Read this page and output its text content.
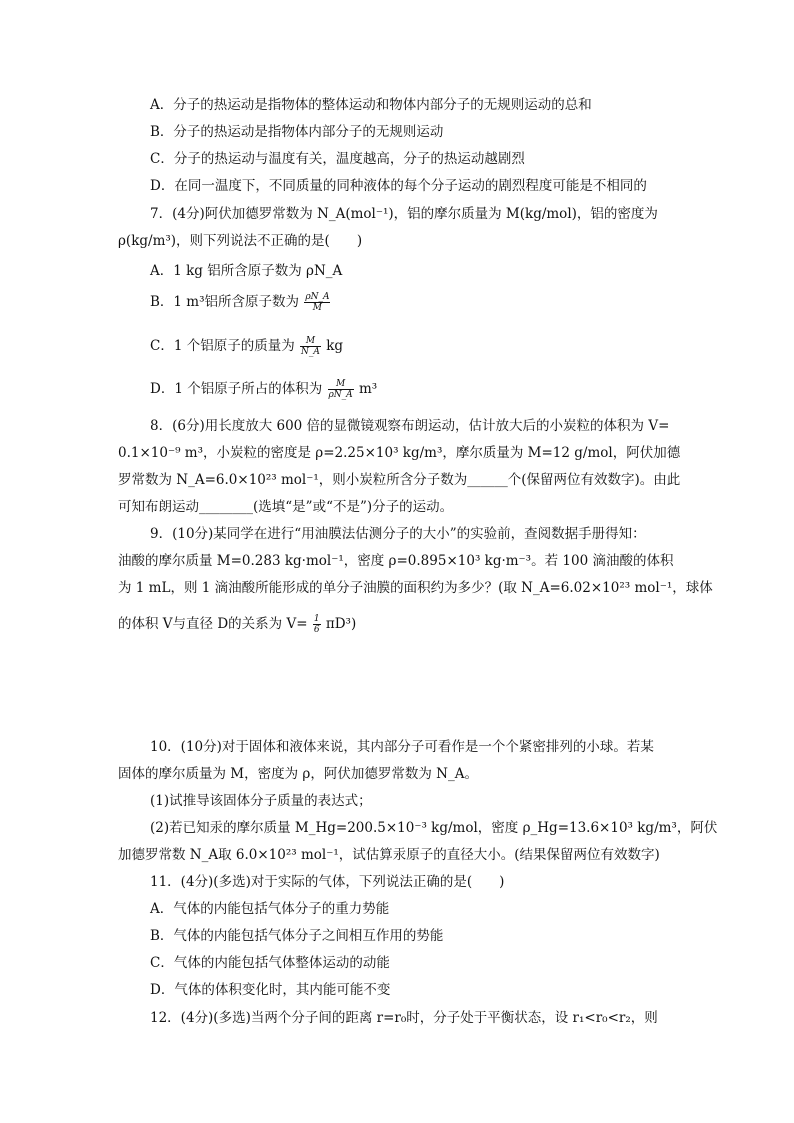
A．分子的热运动是指物体的整体运动和物体内部分子的无规则运动的总和
B．分子的热运动是指物体内部分子的无规则运动
C．分子的热运动与温度有关，温度越高，分子的热运动越剧烈
D．在同一温度下，不同质量的同种液体的每个分子运动的剧烈程度可能是不相同的
7．(4分)阿伏加德罗常数为 N_A(mol⁻¹)，铝的摩尔质量为 M(kg/mol)，铝的密度为
ρ(kg/m³)，则下列说法不正确的是(　　)
A．1 kg 铝所含原子数为 ρN_A
B．1 m³铝所含原子数为 $\frac{\rho N\_A}{M}$
C．1 个铝原子的质量为 $\frac{M}{N\_A}$ kg
D．1 个铝原子所占的体积为 $\frac{M}{\rho N\_A} m^3$
8．(6分)用长度放大 600 倍的显微镜观察布朗运动，估计放大后的小炭粒的体积为 V=
0.1×10⁻⁹ m³，小炭粒的密度是 ρ=2.25×10³ kg/m³，摩尔质量为 M=12 g/mol，阿伏加德
罗常数为 N_A=6.0×10²³ mol⁻¹，则小炭粒所含分子数为______个(保留两位有效数字)。由此
可知布朗运动________(选填“是”或“不是”)分子的运动。
9．(10分)某同学在进行“用油膜法估测分子的大小”的实验前，查阅数据手册得知：
油酸的摩尔质量 M=0.283 kg·mol⁻¹，密度 ρ=0.895×10³ kg·m⁻³。若 100 滴油酸的体积
为 1 mL，则 1 滴油酸所能形成的单分子油膜的面积约为多少？(取 N_A=6.02×10²³ mol⁻¹，球体
的体积 V与直径 D的关系为 $V= \frac{1}{6} \pi D^3$)
10．(10分)对于固体和液体来说，其内部分子可看作是一个个紧密排列的小球。若某
固体的摩尔质量为 M，密度为 ρ，阿伏加德罗常数为 N_A。
(1)试推导该固体分子质量的表达式；
(2)若已知汞的摩尔质量 M_Hg=200.5×10⁻³ kg/mol，密度 ρ_Hg=13.6×10³ kg/m³，阿伏
加德罗常数 N_A取 6.0×10²³ mol⁻¹，试估算汞原子的直径大小。(结果保留两位有效数字)
11．(4分)(多选)对于实际的气体，下列说法正确的是(　　)
A．气体的内能包括气体分子的重力势能
B．气体的内能包括气体分子之间相互作用的势能
C．气体的内能包括气体整体运动的动能
D．气体的体积变化时，其内能可能不变
12．(4分)(多选)当两个分子间的距离 r=r₀时，分子处于平衡状态，设 r₁<r₀<r₂，则
